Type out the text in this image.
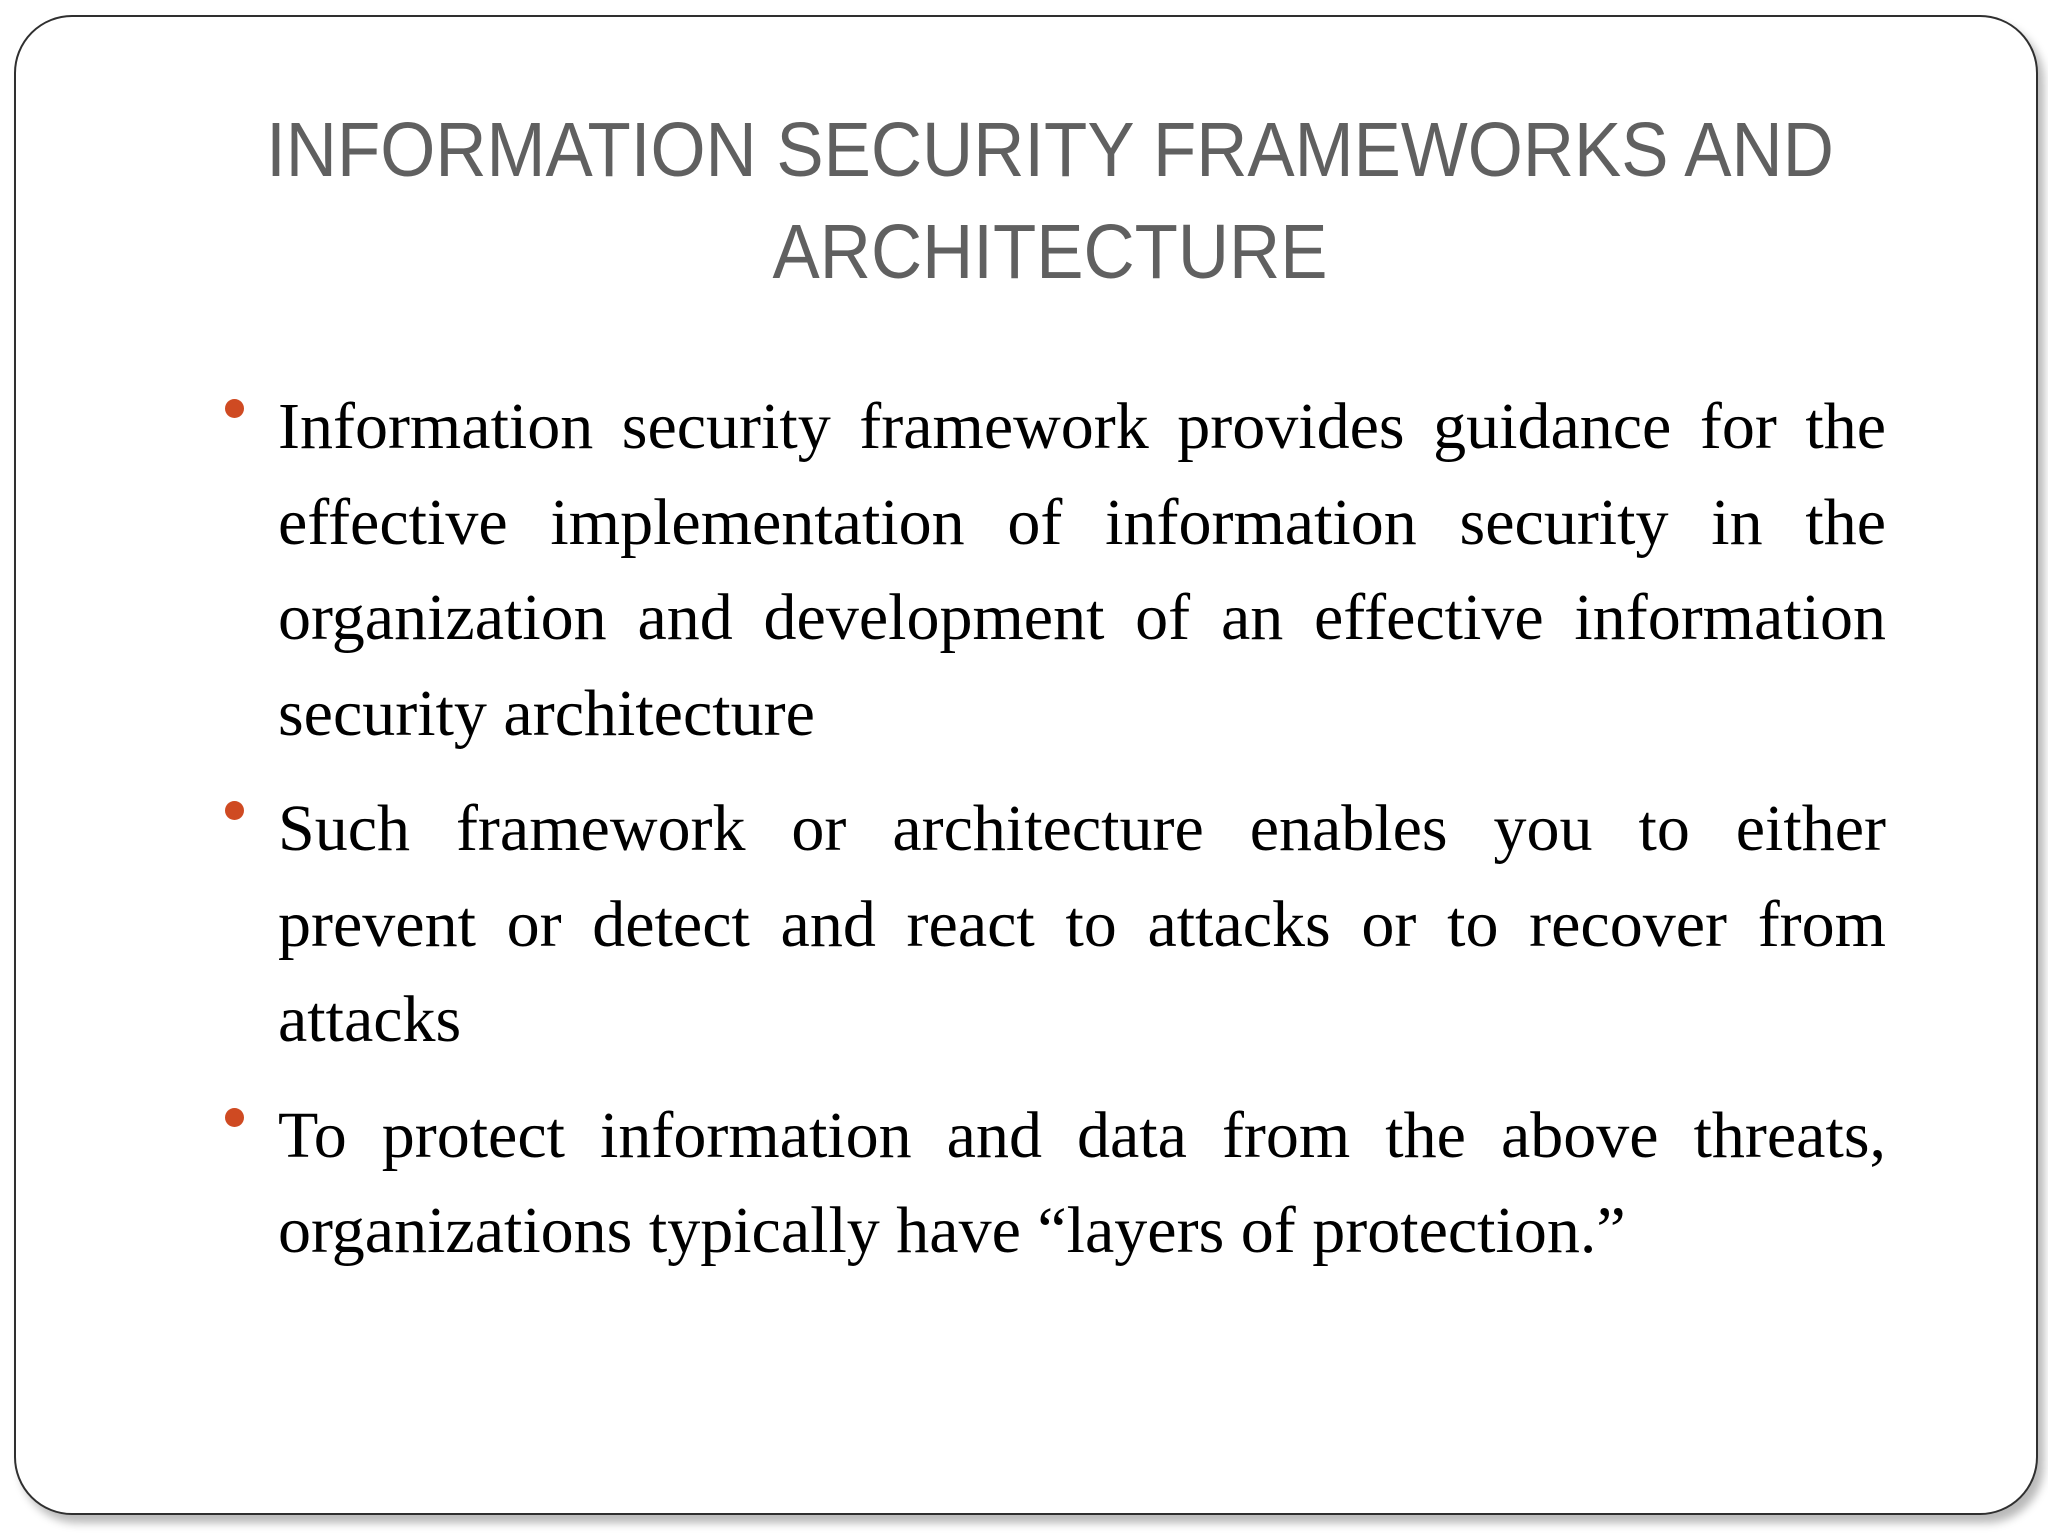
INFORMATION SECURITY FRAMEWORKS AND ARCHITECTURE
Information security framework provides guidance for the effective implementation of information security in the organization and development of an effective information security architecture
Such framework or architecture enables you to either prevent or detect and react to attacks or to recover from attacks
To protect information and data from the above threats, organizations typically have “layers of protection.”
